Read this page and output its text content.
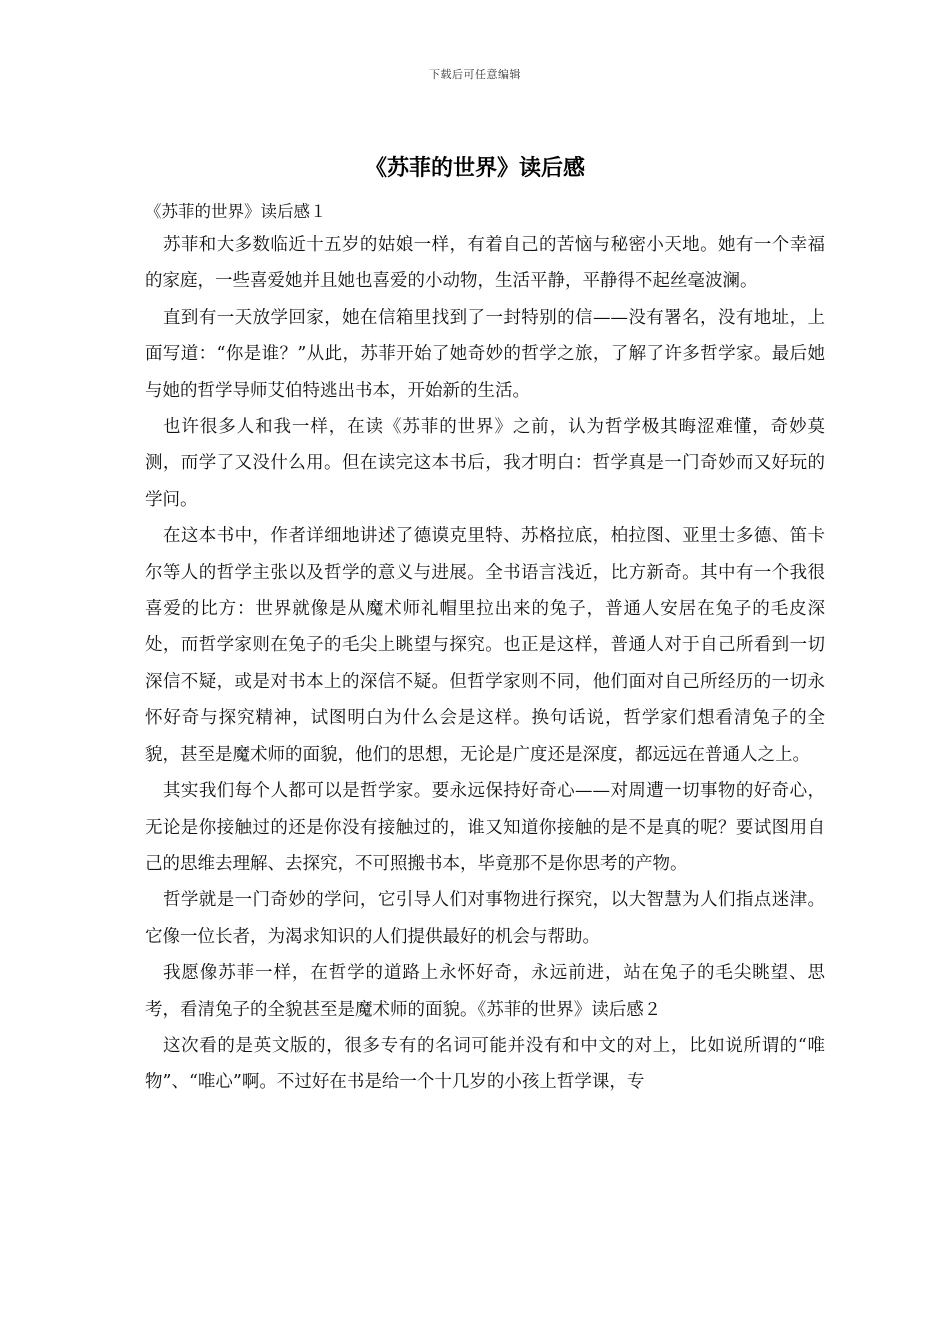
下载后可任意编辑
《苏菲的世界》读后感

《苏菲的世界》读后感１

苏菲和大多数临近十五岁的姑娘一样，有着自己的苦恼与秘密小天地。她有一个幸福的家庭，一些喜爱她并且她也喜爱的小动物，生活平静，平静得不起丝毫波澜。

直到有一天放学回家，她在信箱里找到了一封特别的信——没有署名，没有地址，上面写道：“你是谁？”从此，苏菲开始了她奇妙的哲学之旅，了解了许多哲学家。最后她与她的哲学导师艾伯特逃出书本，开始新的生活。

也许很多人和我一样，在读《苏菲的世界》之前，认为哲学极其晦涩难懂，奇妙莫测，而学了又没什么用。但在读完这本书后，我才明白：哲学真是一门奇妙而又好玩的学问。

在这本书中，作者详细地讲述了德谟克里特、苏格拉底，柏拉图、亚里士多德、笛卡尔等人的哲学主张以及哲学的意义与进展。全书语言浅近，比方新奇。其中有一个我很喜爱的比方：世界就像是从魔术师礼帽里拉出来的兔子，普通人安居在兔子的毛皮深处，而哲学家则在兔子的毛尖上眺望与探究。也正是这样，普通人对于自己所看到一切深信不疑，或是对书本上的深信不疑。但哲学家则不同，他们面对自己所经历的一切永怀好奇与探究精神，试图明白为什么会是这样。换句话说，哲学家们想看清兔子的全貌，甚至是魔术师的面貌，他们的思想，无论是广度还是深度，都远远在普通人之上。

其实我们每个人都可以是哲学家。要永远保持好奇心——对周遭一切事物的好奇心，无论是你接触过的还是你没有接触过的，谁又知道你接触的是不是真的呢？要试图用自己的思维去理解、去探究，不可照搬书本，毕竟那不是你思考的产物。

哲学就是一门奇妙的学问，它引导人们对事物进行探究，以大智慧为人们指点迷津。它像一位长者，为渴求知识的人们提供最好的机会与帮助。

我愿像苏菲一样，在哲学的道路上永怀好奇，永远前进，站在兔子的毛尖眺望、思考，看清兔子的全貌甚至是魔术师的面貌。《苏菲的世界》读后感２

这次看的是英文版的，很多专有的名词可能并没有和中文的对上，比如说所谓的“唯物”、“唯心”啊。不过好在书是给一个十几岁的小孩上哲学课，专
